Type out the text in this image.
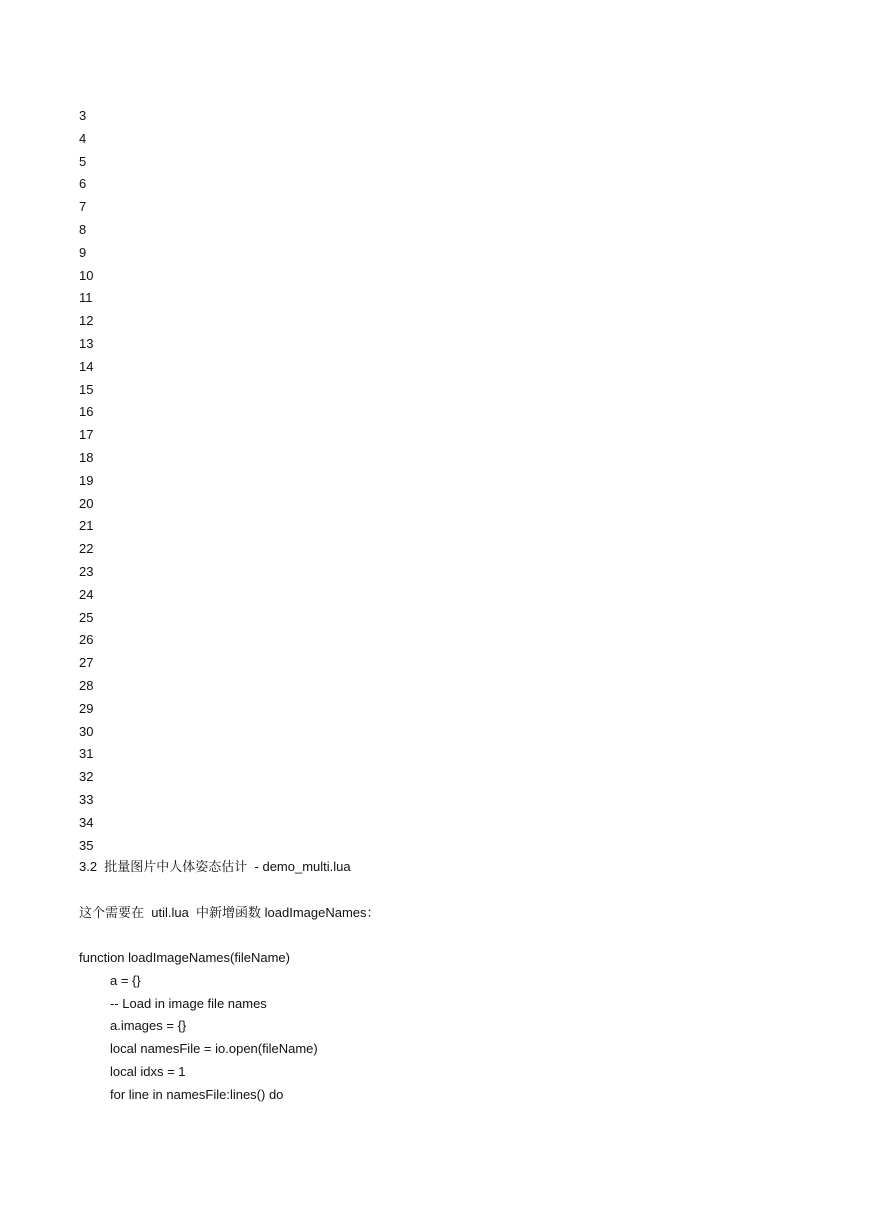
3
4
5
6
7
8
9
10
11
12
13
14
15
16
17
18
19
20
21
22
23
24
25
26
27
28
29
30
31
32
33
34
35
3.2  批量图片中人体姿态估计  - demo_multi.lua
这个需要在  util.lua  中新增函数 loadImageNames：
function loadImageNames(fileName)
a = {}
-- Load in image file names
a.images = {}
local namesFile = io.open(fileName)
local idxs = 1
for line in namesFile:lines() do
